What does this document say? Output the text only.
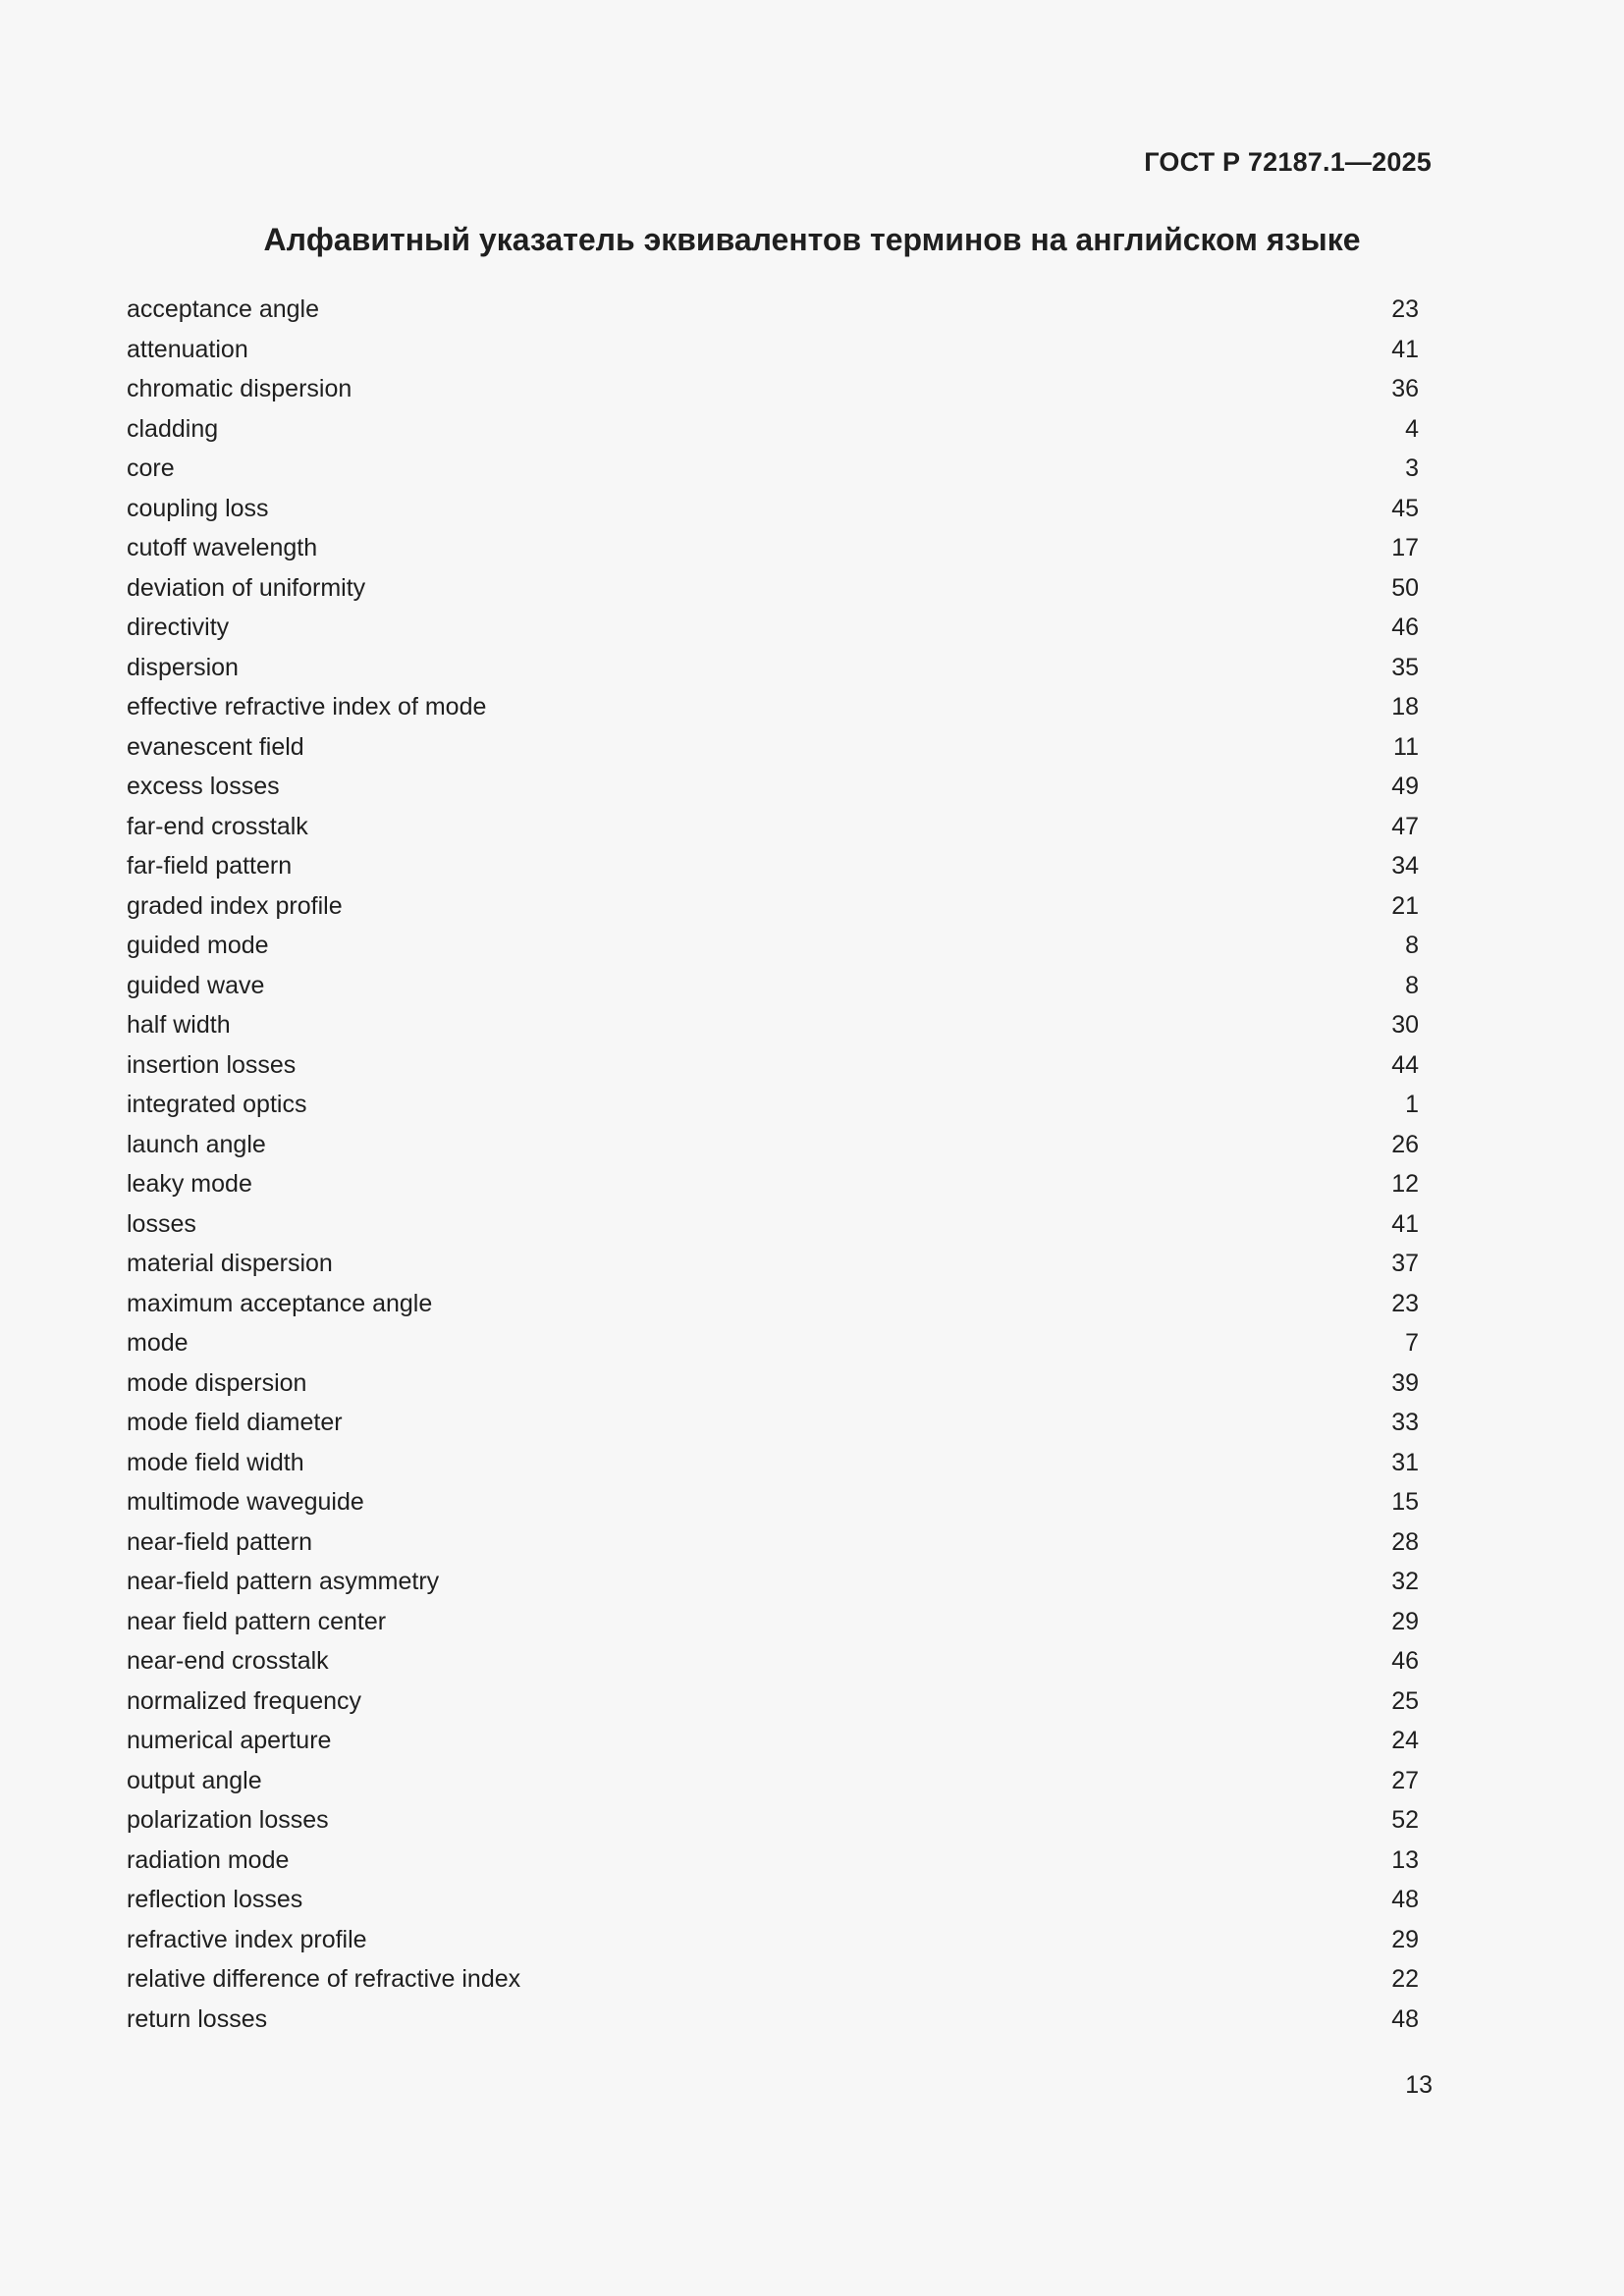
ГОСТ Р 72187.1—2025
Алфавитный указатель эквивалентов терминов на английском языке
acceptance angle	23
attenuation	41
chromatic dispersion	36
cladding	4
core	3
coupling loss	45
cutoff wavelength	17
deviation of uniformity	50
directivity	46
dispersion	35
effective refractive index of mode	18
evanescent field	11
excess losses	49
far-end crosstalk	47
far-field pattern	34
graded index profile	21
guided mode	8
guided wave	8
half width	30
insertion losses	44
integrated optics	1
launch angle	26
leaky mode	12
losses	41
material dispersion	37
maximum acceptance angle	23
mode	7
mode dispersion	39
mode field diameter	33
mode field width	31
multimode waveguide	15
near-field pattern	28
near-field pattern asymmetry	32
near field pattern center	29
near-end crosstalk	46
normalized frequency	25
numerical aperture	24
output angle	27
polarization losses	52
radiation mode	13
reflection losses	48
refractive index profile	29
relative difference of refractive index	22
return losses	48
13
